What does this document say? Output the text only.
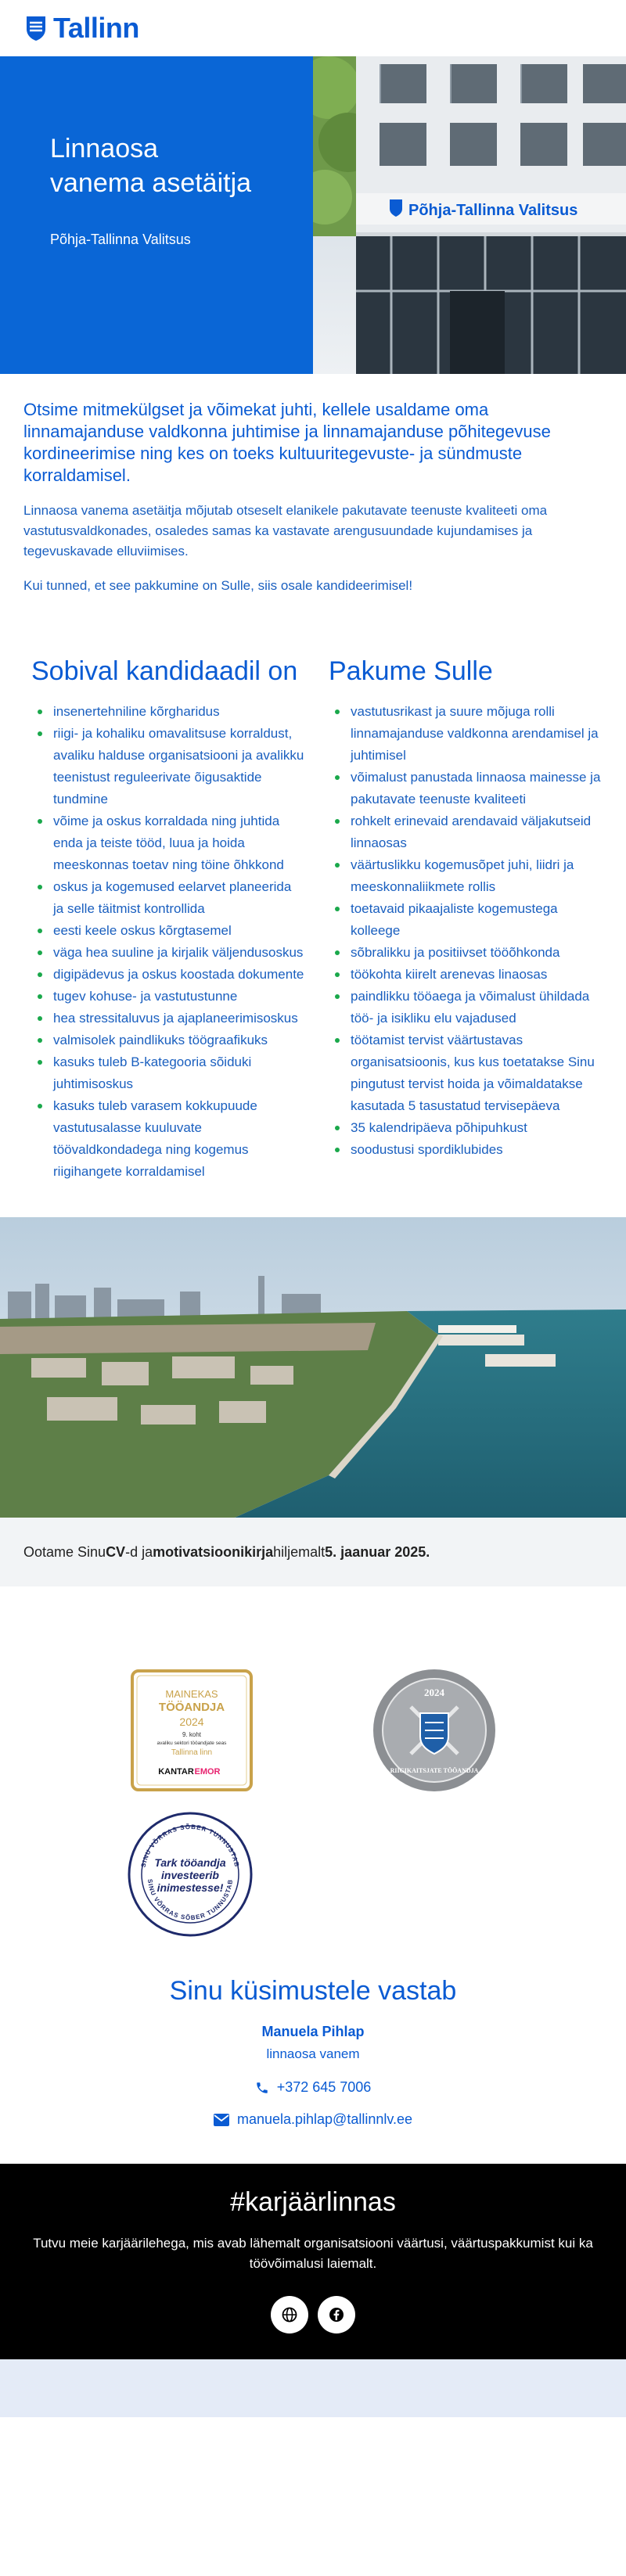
Tallinn
Linnaosa
vanema asetäitja
Põhja-Tallinna Valitsus
Põhja-Tallinna Valitsus

Otsime mitmekülgset ja võimekat juhti, kellele usaldame oma linnamajanduse valdkonna juhtimise ja linnamajanduse põhitegevuse kordineerimise ning kes on toeks kultuuritegevuste- ja sündmuste korraldamisel.

Linnaosa vanema asetäitja mõjutab otseselt elanikele pakutavate teenuste kvaliteeti oma vastutusvaldkonades, osaledes samas ka vastavate arengusuundade kujundamises ja tegevuskavade elluviimises.

Kui tunned, et see pakkumine on Sulle, siis osale kandideerimisel!

Sobival kandidaadil on
insenertehniline kõrgharidus
riigi- ja kohaliku omavalitsuse korraldust, avaliku halduse organisatsiooni ja avalikku teenistust reguleerivate õigusaktide tundmine
võime ja oskus korraldada ning juhtida enda ja teiste tööd, luua ja hoida meeskonnas toetav ning töine õhkkond
oskus ja kogemused eelarvet planeerida ja selle täitmist kontrollida
eesti keele oskus kõrgtasemel
väga hea suuline ja kirjalik väljendusoskus
digipädevus ja oskus koostada dokumente
tugev kohuse- ja vastutustunne
hea stressitaluvus ja ajaplaneerimisoskus
valmisolek paindlikuks töögraafikuks
kasuks tuleb B-kategooria sõiduki juhtimisoskus
kasuks tuleb varasem kokkupuude vastutusalasse kuuluvate töövaldkondadega ning kogemus riigihangete korraldamisel
Pakume Sulle
vastutusrikast ja suure mõjuga rolli linnamajanduse valdkonna arendamisel ja juhtimisel
võimalust panustada linnaosa mainesse ja pakutavate teenuste kvaliteeti
rohkelt erinevaid arendavaid väljakutseid linnaosas
väärtuslikku kogemusõpet juhi, liidri ja meeskonnaliikmete rollis
toetavaid pikaajaliste kogemustega kolleege
sõbralikku ja positiivset tööõhkonda
töökohta kiirelt arenevas linaosas
paindlikku tööaega ja võimalust ühildada töö- ja isikliku elu vajadused
töötamist tervist väärtustavas organisatsioonis, kus kus toetatakse Sinu pingutust tervist hoida ja võimaldatakse kasutada 5 tasustatud tervisepäeva
35 kalendripäeva põhipuhkust
soodustusi spordiklubides
Ootame Sinu CV -d ja motivatsioonikirja hiljemalt 5. jaanuar 2025.
MAINEKAS
TÖÖANDJA
2024
9. koht
avaliku sektori tööandjate seas
Tallinna linn
KANTAR EMOR
2024
RIIGIKAITSJATE TÖÖANDJA
SINU VÕRRAS SÕBER TUNNUSTAB
SINU VÕRRAS SÕBER TUNNUSTAB
Tark tööandja
investeerib
inimestesse!
Sinu küsimustele vastab
Manuela Pihlap
linnaosa vanem
+372 645 7006
manuela.pihlap@tallinnlv.ee
#karjäärlinnas

Tutvu meie karjäärilehega, mis avab lähemalt organisatsiooni väärtusi, väärtuspakkumist kui ka töövõimalusi laiemalt.
